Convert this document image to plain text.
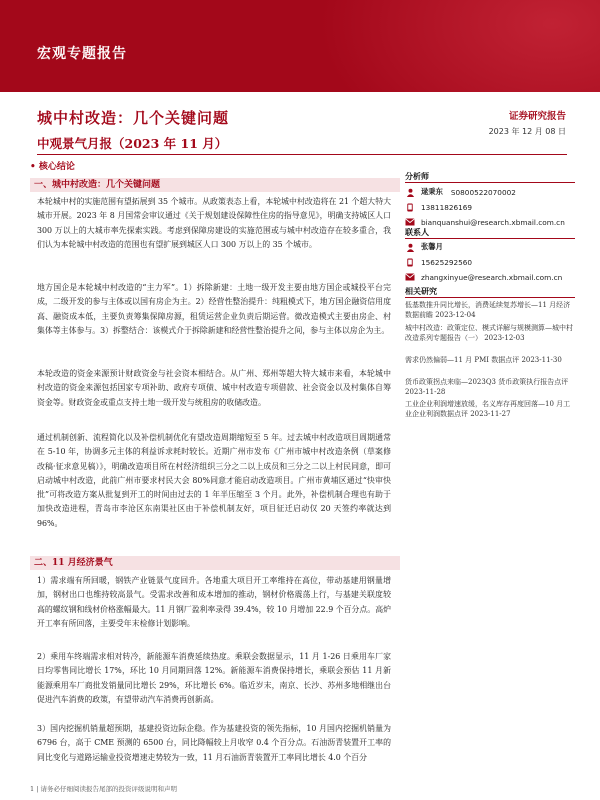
宏观专题报告
城中村改造：几个关键问题
中观景气月报（2023 年 11 月）
证券研究报告
2023 年 12 月 08 日
• 核心结论
一、城中村改造：几个关键问题

本轮城中村的实施范围有望拓展到 35 个城市。从政策表态上看，本轮城中村改造将在 21 个超大特大城市开展。2023 年 8 月国常会审议通过《关于规划建设保障性住房的指导意见》，明确支持城区人口 300 万以上的大城市率先探索实践。考虑到保障房建设的实施范围或与城中村改造存在较多重合，我们认为本轮城中村改造的范围也有望扩展到城区人口 300 万以上的 35 个城市。

地方国企是本轮城中村改造的“主力军”。1）拆除新建：土地一级开发主要由地方国企或城投平台完成，二级开发的参与主体或以国有房企为主。2）经营性整治提升：纯粗模式下，地方国企融资信用度高、融资成本低，主要负责筹集保障房源，租赁运营企业负责后期运营。微改造模式主要由房企、村集体等主体参与。3）拆整结合：该模式介于拆除新建和经营性整治提升之间，参与主体以房企为主。

本轮改造的资金来源预计财政资金与社会资本相结合。从广州、郑州等超大特大城市来看，本轮城中村改造的资金来源包括国家专项补助、政府专项债、城中村改造专项借款、社会资金以及村集体自筹资金等。财政资金或重点支持土地一级开发与统租房的收储改造。

通过机制创新、流程简化以及补偿机制优化有望改造周期缩短至 5 年。过去城中村改造项目周期通常在 5-10 年，协调多元主体的利益诉求耗时较长。近期广州市发布《广州市城中村改造条例（草案修改稿·征求意见稿）》，明确改造项目所在村经济组织三分之二以上成员和三分之二以上村民同意，即可启动城中村改造，此前广州市要求村民大会 80%同意才能启动改造项目。广州市黄埔区通过“快审快批”可将改造方案从批复到开工的时间由过去的 1 年半压缩至 3 个月。此外，补偿机制合理也有助于加快改造进程，青岛市李沧区东南渠社区由于补偿机制友好，项目征迁启动仅 20 天签约率就达到 96%。

二、11 月经济景气

1）需求端有所回暖，钢铁产业链景气度回升。各地重大项目开工率维持在高位，带动基建用钢量增加，钢材出口也维持较高景气。受需求改善和成本增加的推动，钢材价格震荡上行，与基建关联度较高的螺纹钢和线材价格涨幅最大。11 月钢厂盈利率录得 39.4%，较 10 月增加 22.9 个百分点。高炉开工率有所回落，主要受年末检修计划影响。

2）乘用车终端需求相对转冷，新能源车消费延续热度。乘联会数据显示，11 月 1-26 日乘用车厂家日均零售同比增长 17%，环比 10 月同期回落 12%。新能源车消费保持增长，乘联会预估 11 月新能源乘用车厂商批发销量同比增长 29%，环比增长 6%。临近岁末，南京、长沙、苏州多地相继出台促进汽车消费的政策，有望带动汽车消费再创新高。

3）国内挖掘机销量超预期，基建投资边际企稳。作为基建投资的领先指标，10 月国内挖掘机销量为 6796 台，高于 CME 预测的 6500 台，同比降幅较上月收窄 0.4 个百分点。石油沥青装置开工率的同比变化与道路运输业投资增速走势较为一致，11 月石油沥青装置开工率同比增长 4.0 个百分

分析师
逯秉东 S0800522070002
13811826169
bianquanshui@research.xbmail.com.cn
联系人
张馨月
15625292560
zhangxinyue@research.xbmail.com.cn
相关研究

低基数推升同比增长，消费延续复苏增长—11 月经济数据前瞻 2023-12-04

城中村改造：政策定位、模式详解与规模测算—城中村改造系列专题报告（一） 2023-12-03

需求仍然偏弱—11 月 PMI 数据点评 2023-11-30

货币政策拐点来临—2023Q3 货币政策执行报告点评 2023-11-28

工业企业利润增速放缓，名义库存再度回落—10 月工业企业利润数据点评 2023-11-27

1 | 请务必仔细阅读报告尾部的投资评级说明和声明
